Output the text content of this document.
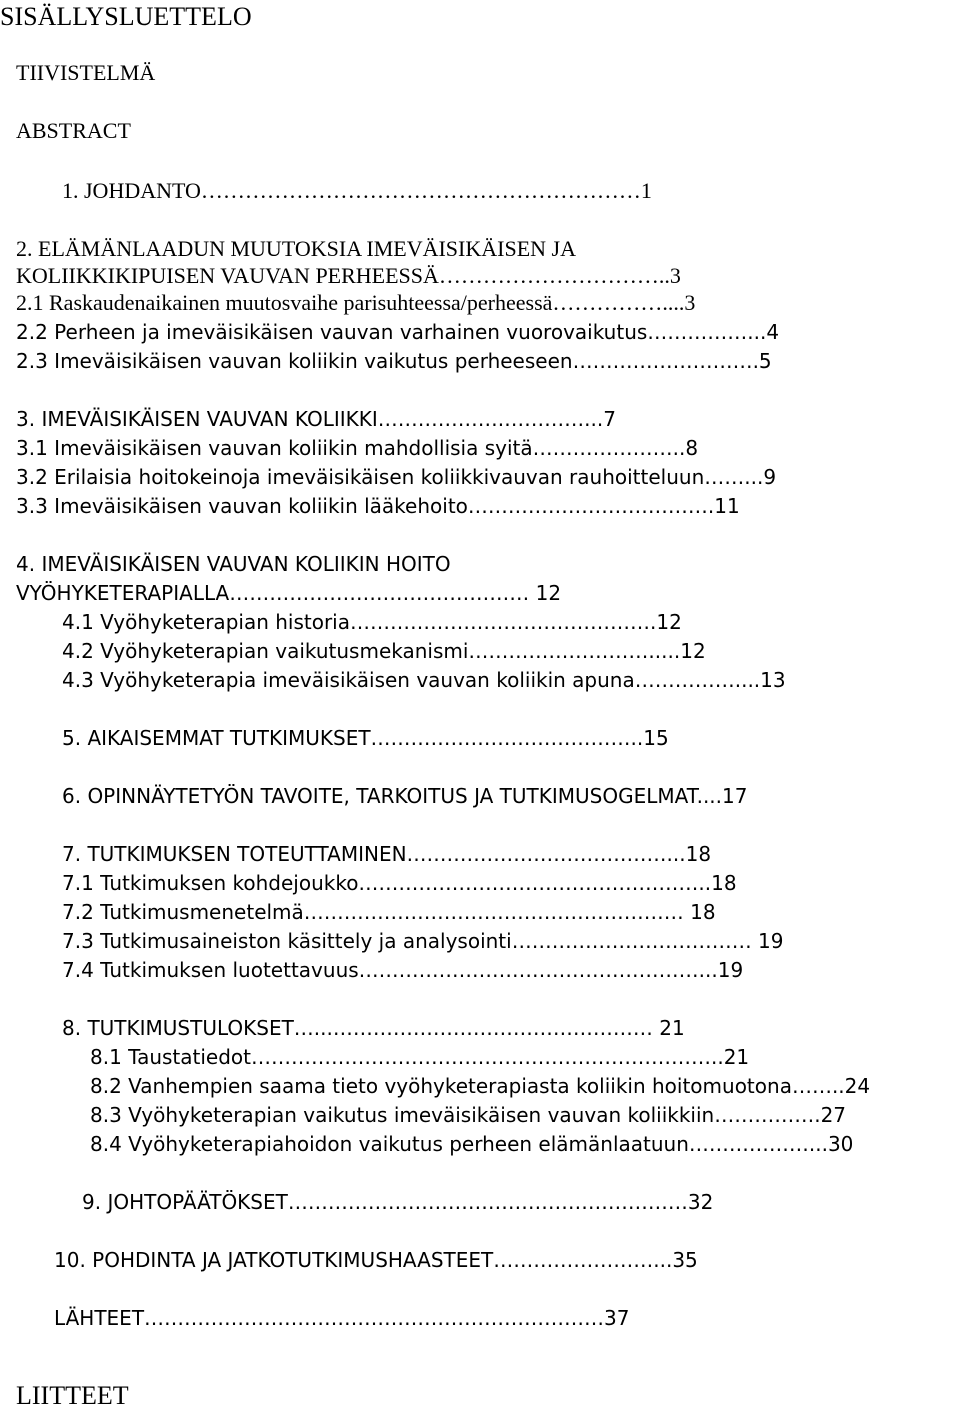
SISÄLLYSLUETTELO
TIIVISTELMÄ
ABSTRACT
1. JOHDANTO……………………………………………………1
2. ELÄMÄNLAADUN MUUTOKSIA IMEVÄISIKÄISEN JA
KOLIIKKIKIPUISEN VAUVAN PERHEESSÄ…………………………..3
2.1 Raskaudenaikainen muutosvaihe parisuhteessa/perheessä……………....3
2.2 Perheen ja imeväisikäisen vauvan varhainen vuorovaikutus……………...4
2.3 Imeväisikäisen vauvan koliikin vaikutus perheeseen……………………….5
3. IMEVÄISIKÄISEN VAUVAN KOLIIKKI……………….…………...7
3.1 Imeväisikäisen vauvan koliikin mahdollisia syitä…………………..8
3.2 Erilaisia hoitokeinoja imeväisikäisen koliikkivauvan rauhoitteluun……...9
3.3 Imeväisikäisen vauvan koliikin lääkehoito……………………………….11
4. IMEVÄISIKÄISEN VAUVAN KOLIIKIN HOITO
VYÖHYKETERAPIALLA……………………………………… 12
4.1 Vyöhyketerapian historia……………………………………….12
4.2 Vyöhyketerapian vaikutusmekanismi……………………….....12
4.3 Vyöhyketerapia imeväisikäisen vauvan koliikin apuna……………....13
5. AIKAISEMMAT TUTKIMUKSET…………………………………..15
6. OPINNÄYTETYÖN TAVOITE, TARKOITUS JA TUTKIMUSOGELMAT....17
7. TUTKIMUKSEN TOTEUTTAMINEN…………………………………...18
7.1 Tutkimuksen kohdejoukko……………………………………………..18
7.2 Tutkimusmenetelmä………………………………………………… 18
7.3 Tutkimusaineiston käsittely ja analysointi……………………………… 19
7.4 Tutkimuksen luotettavuus……………………………………………...19
8. TUTKIMUSTULOKSET…...………………………………………… 21
8.1 Taustatiedot……………………………………………………………..21
8.2 Vanhempien saama tieto vyöhyketerapiasta koliikin hoitomuotona……..24
8.3 Vyöhyketerapian vaikutus imeväisikäisen vauvan koliikkiin…………….27
8.4 Vyöhyketerapiahoidon vaikutus perheen elämänlaatuun………………...30
9. JOHTOPÄÄTÖKSET……………………………………………………32
10. POHDINTA JA JATKOTUTKIMUSHAASTEET……………………...35
LÄHTEET……………………………………………………………37
LIITTEET
